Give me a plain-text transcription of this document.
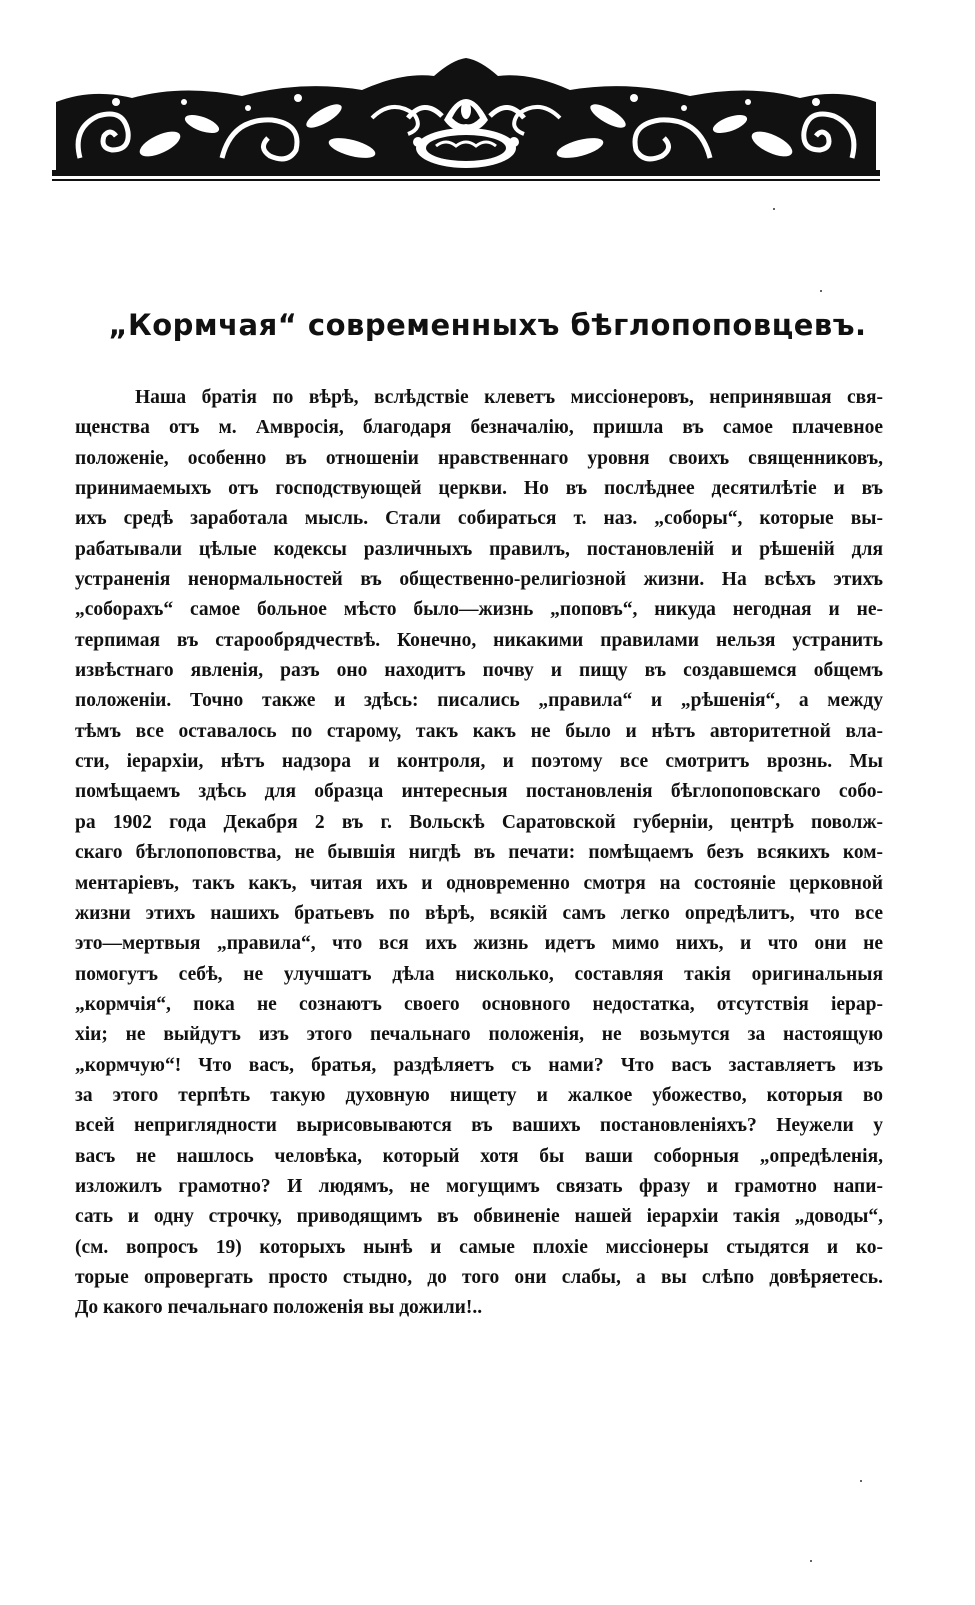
„Кормчая“ современныхъ бѣглопоповцевъ.
Наша братія по вѣрѣ, вслѣдствіе клеветъ миссіонеровъ, непринявшая свя-
щенства отъ м. Амвросія, благодаря безначалію, пришла въ самое плачевное
положеніе, особенно въ отношеніи нравственнаго уровня своихъ священниковъ,
принимаемыхъ отъ господствующей церкви. Но въ послѣднее десятилѣтіе и въ
ихъ средѣ заработала мысль. Стали собираться т. наз. „соборы“, которые вы-
рабатывали цѣлые кодексы различныхъ правилъ, постановленій и рѣшеній для
устраненія ненормальностей въ общественно-религіозной жизни. На всѣхъ этихъ
„соборахъ“ самое больное мѣсто было—жизнь „поповъ“, никуда негодная и не-
терпимая въ старообрядчествѣ. Конечно, никакими правилами нельзя устранить
извѣстнаго явленія, разъ оно находитъ почву и пищу въ создавшемся общемъ
положеніи. Точно также и здѣсь: писались „правила“ и „рѣшенія“, а между
тѣмъ все оставалось по старому, такъ какъ не было и нѣтъ авторитетной вла-
сти, іерархіи, нѣтъ надзора и контроля, и поэтому все смотритъ врознь. Мы
помѣщаемъ здѣсь для образца интересныя постановленія бѣглопоповскаго собо-
ра 1902 года Декабря 2 въ г. Вольскѣ Саратовской губерніи, центрѣ поволж-
скаго бѣглопоповства, не бывшія нигдѣ въ печати: помѣщаемъ безъ всякихъ ком-
ментаріевъ, такъ какъ, читая ихъ и одновременно смотря на состояніе церковной
жизни этихъ нашихъ братьевъ по вѣрѣ, всякій самъ легко опредѣлитъ, что все
это—мертвыя „правила“, что вся ихъ жизнь идетъ мимо нихъ, и что они не
помогутъ себѣ, не улучшатъ дѣла нисколько, составляя такія оригинальныя
„кормчія“, пока не сознаютъ своего основного недостатка, отсутствія іерар-
хіи; не выйдутъ изъ этого печальнаго положенія, не возьмутся за настоящую
„кормчую“! Что васъ, братья, раздѣляетъ съ нами? Что васъ заставляетъ изъ
за этого терпѣть такую духовную нищету и жалкое убожество, которыя во
всей неприглядности вырисовываются въ вашихъ постановленіяхъ? Неужели у
васъ не нашлось человѣка, который хотя бы ваши соборныя „опредѣленія,
изложилъ грамотно? И людямъ, не могущимъ связать фразу и грамотно напи-
сать и одну строчку, приводящимъ въ обвиненіе нашей іерархіи такія „доводы“,
(см. вопросъ 19) которыхъ нынѣ и самые плохіе миссіонеры стыдятся и ко-
торые опровергать просто стыдно, до того они слабы, а вы слѣпо довѣряетесь.
До какого печальнаго положенія вы дожили!..
